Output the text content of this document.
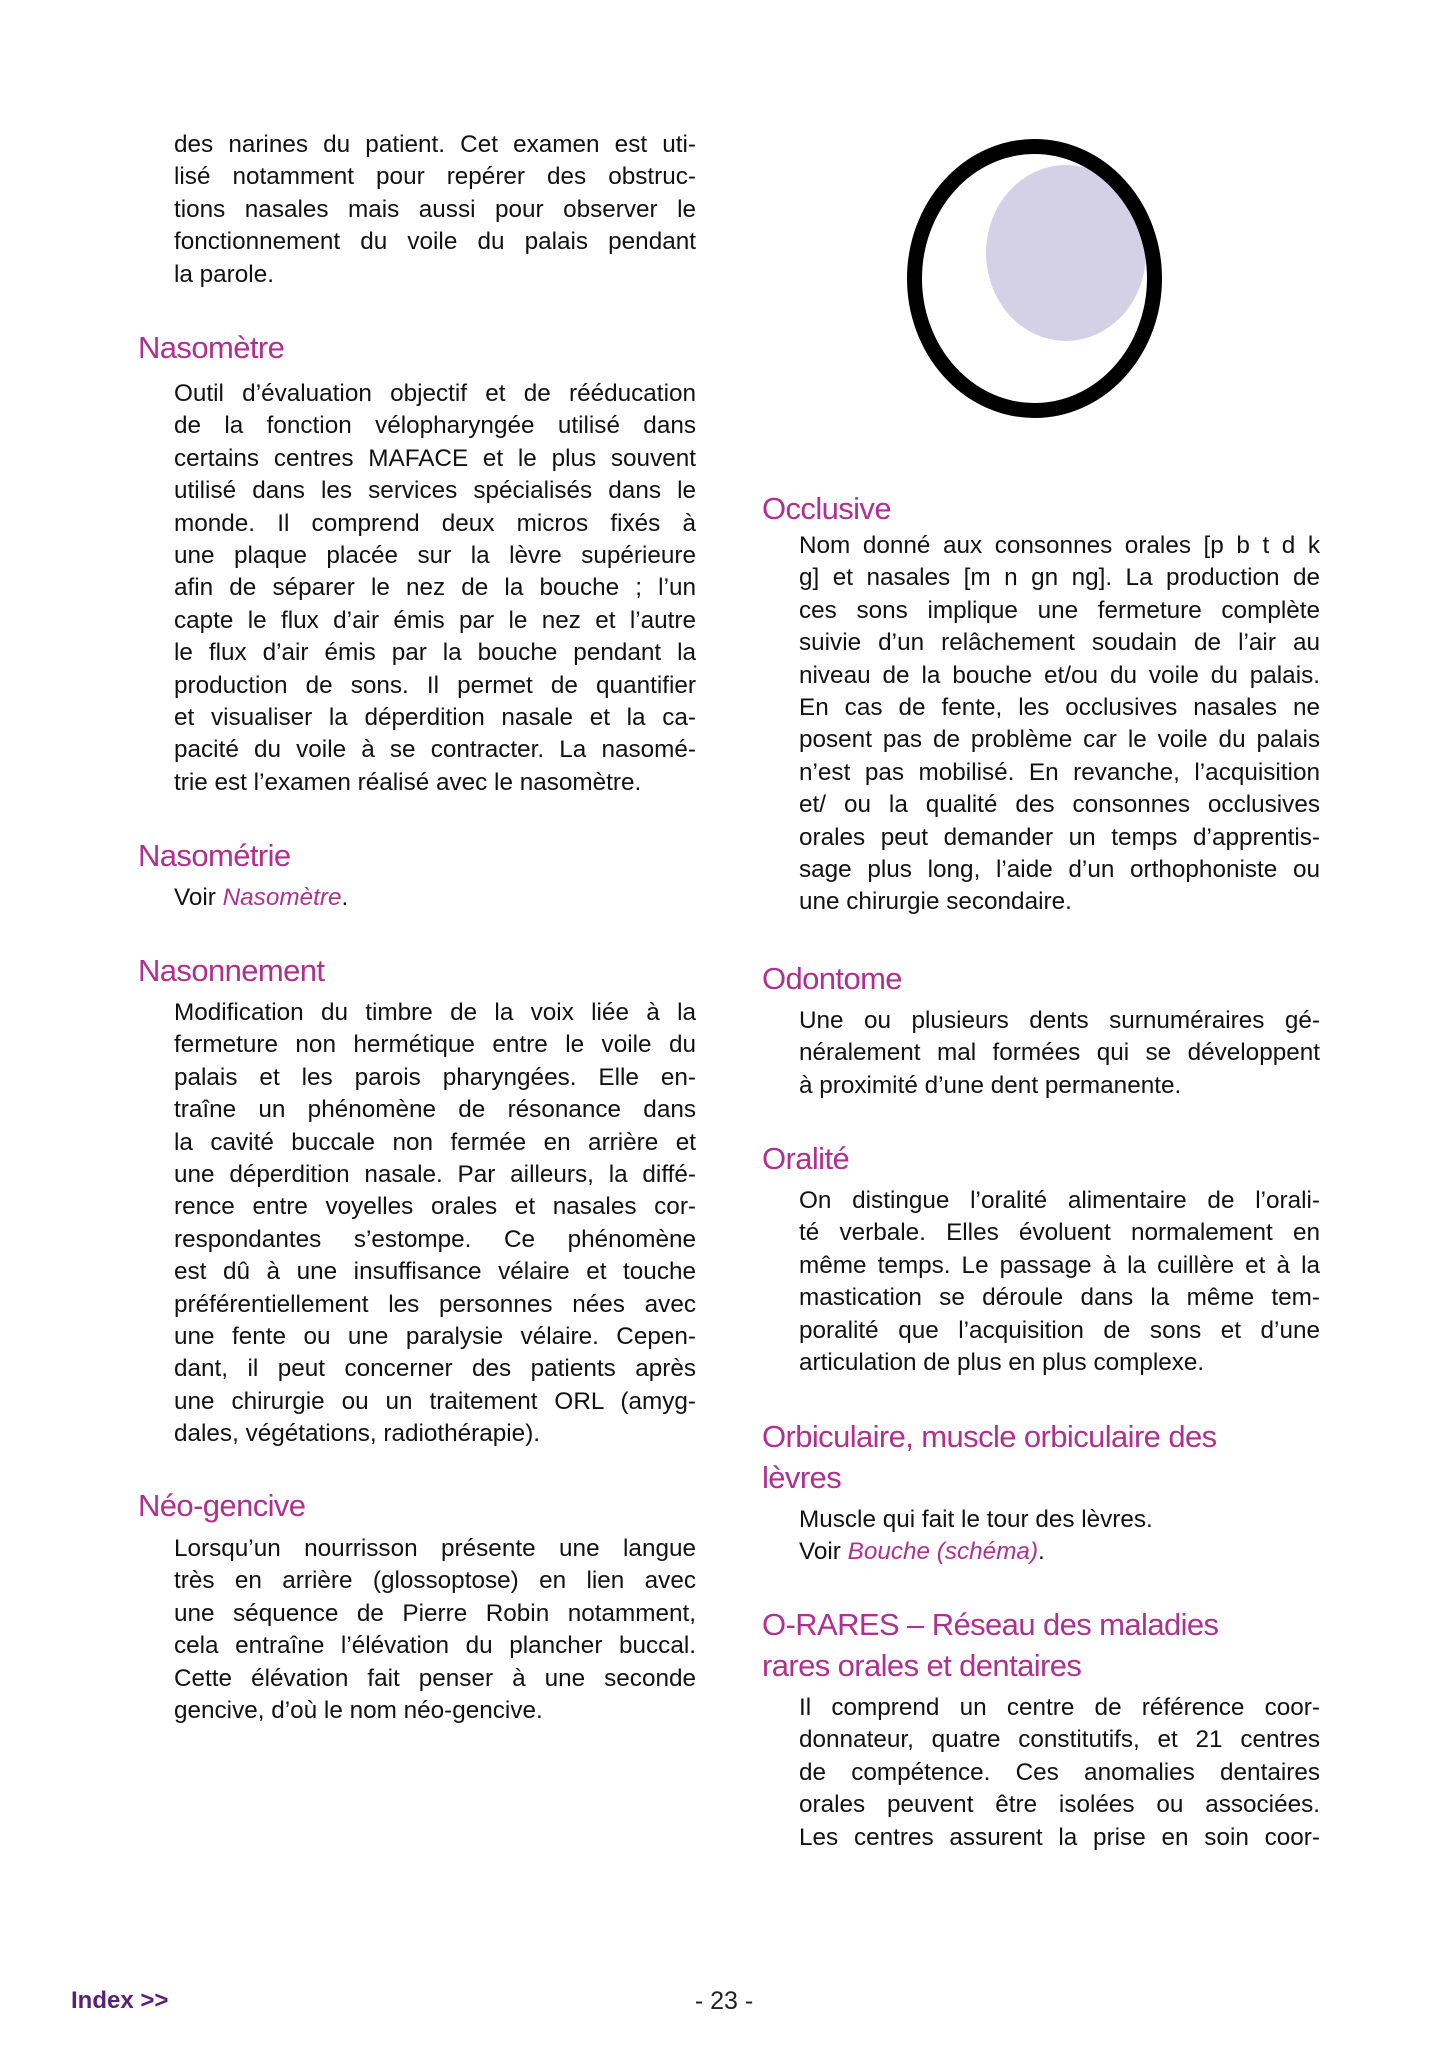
des narines du patient. Cet examen est uti-
lisé notamment pour repérer des obstruc-
tions nasales mais aussi pour observer le
fonctionnement du voile du palais pendant
la parole.
Nasomètre
Outil d’évaluation objectif et de rééducation
de la fonction vélopharyngée utilisé dans
certains centres MAFACE et le plus souvent
utilisé dans les services spécialisés dans le
monde. Il comprend deux micros fixés à
une plaque placée sur la lèvre supérieure
afin de séparer le nez de la bouche ; l’un
capte le flux d’air émis par le nez et l’autre
le flux d’air émis par la bouche pendant la
production de sons. Il permet de quantifier
et visualiser la déperdition nasale et la ca-
pacité du voile à se contracter. La nasomé-
trie est l’examen réalisé avec le nasomètre.
Nasométrie
Voir Nasomètre.
Nasonnement
Modification du timbre de la voix liée à la
fermeture non hermétique entre le voile du
palais et les parois pharyngées. Elle en-
traîne un phénomène de résonance dans
la cavité buccale non fermée en arrière et
une déperdition nasale. Par ailleurs, la diffé-
rence entre voyelles orales et nasales cor-
respondantes s’estompe. Ce phénomène
est dû à une insuffisance vélaire et touche
préférentiellement les personnes nées avec
une fente ou une paralysie vélaire. Cepen-
dant, il peut concerner des patients après
une chirurgie ou un traitement ORL (amyg-
dales, végétations, radiothérapie).
Néo-gencive
Lorsqu’un nourrisson présente une langue
très en arrière (glossoptose) en lien avec
une séquence de Pierre Robin notamment,
cela entraîne l’élévation du plancher buccal.
Cette élévation fait penser à une seconde
gencive, d’où le nom néo-gencive.
Occlusive
Nom donné aux consonnes orales [p b t d k
g] et nasales [m n gn ng]. La production de
ces sons implique une fermeture complète
suivie d’un relâchement soudain de l’air au
niveau de la bouche et/ou du voile du palais.
En cas de fente, les occlusives nasales ne
posent pas de problème car le voile du palais
n’est pas mobilisé. En revanche, l’acquisition
et/ ou la qualité des consonnes occlusives
orales peut demander un temps d’apprentis-
sage plus long, l’aide d’un orthophoniste ou
une chirurgie secondaire.
Odontome
Une ou plusieurs dents surnuméraires gé-
néralement mal formées qui se développent
à proximité d’une dent permanente.
Oralité
On distingue l’oralité alimentaire de l’orali-
té verbale. Elles évoluent normalement en
même temps. Le passage à la cuillère et à la
mastication se déroule dans la même tem-
poralité que l’acquisition de sons et d’une
articulation de plus en plus complexe.
Orbiculaire, muscle orbiculaire des
lèvres
Muscle qui fait le tour des lèvres.
Voir Bouche (schéma).
O-RARES – Réseau des maladies
rares orales et dentaires
Il comprend un centre de référence coor-
donnateur, quatre constitutifs, et 21 centres
de compétence. Ces anomalies dentaires
orales peuvent être isolées ou associées.
Les centres assurent la prise en soin coor-
Index >>	- 23 -
